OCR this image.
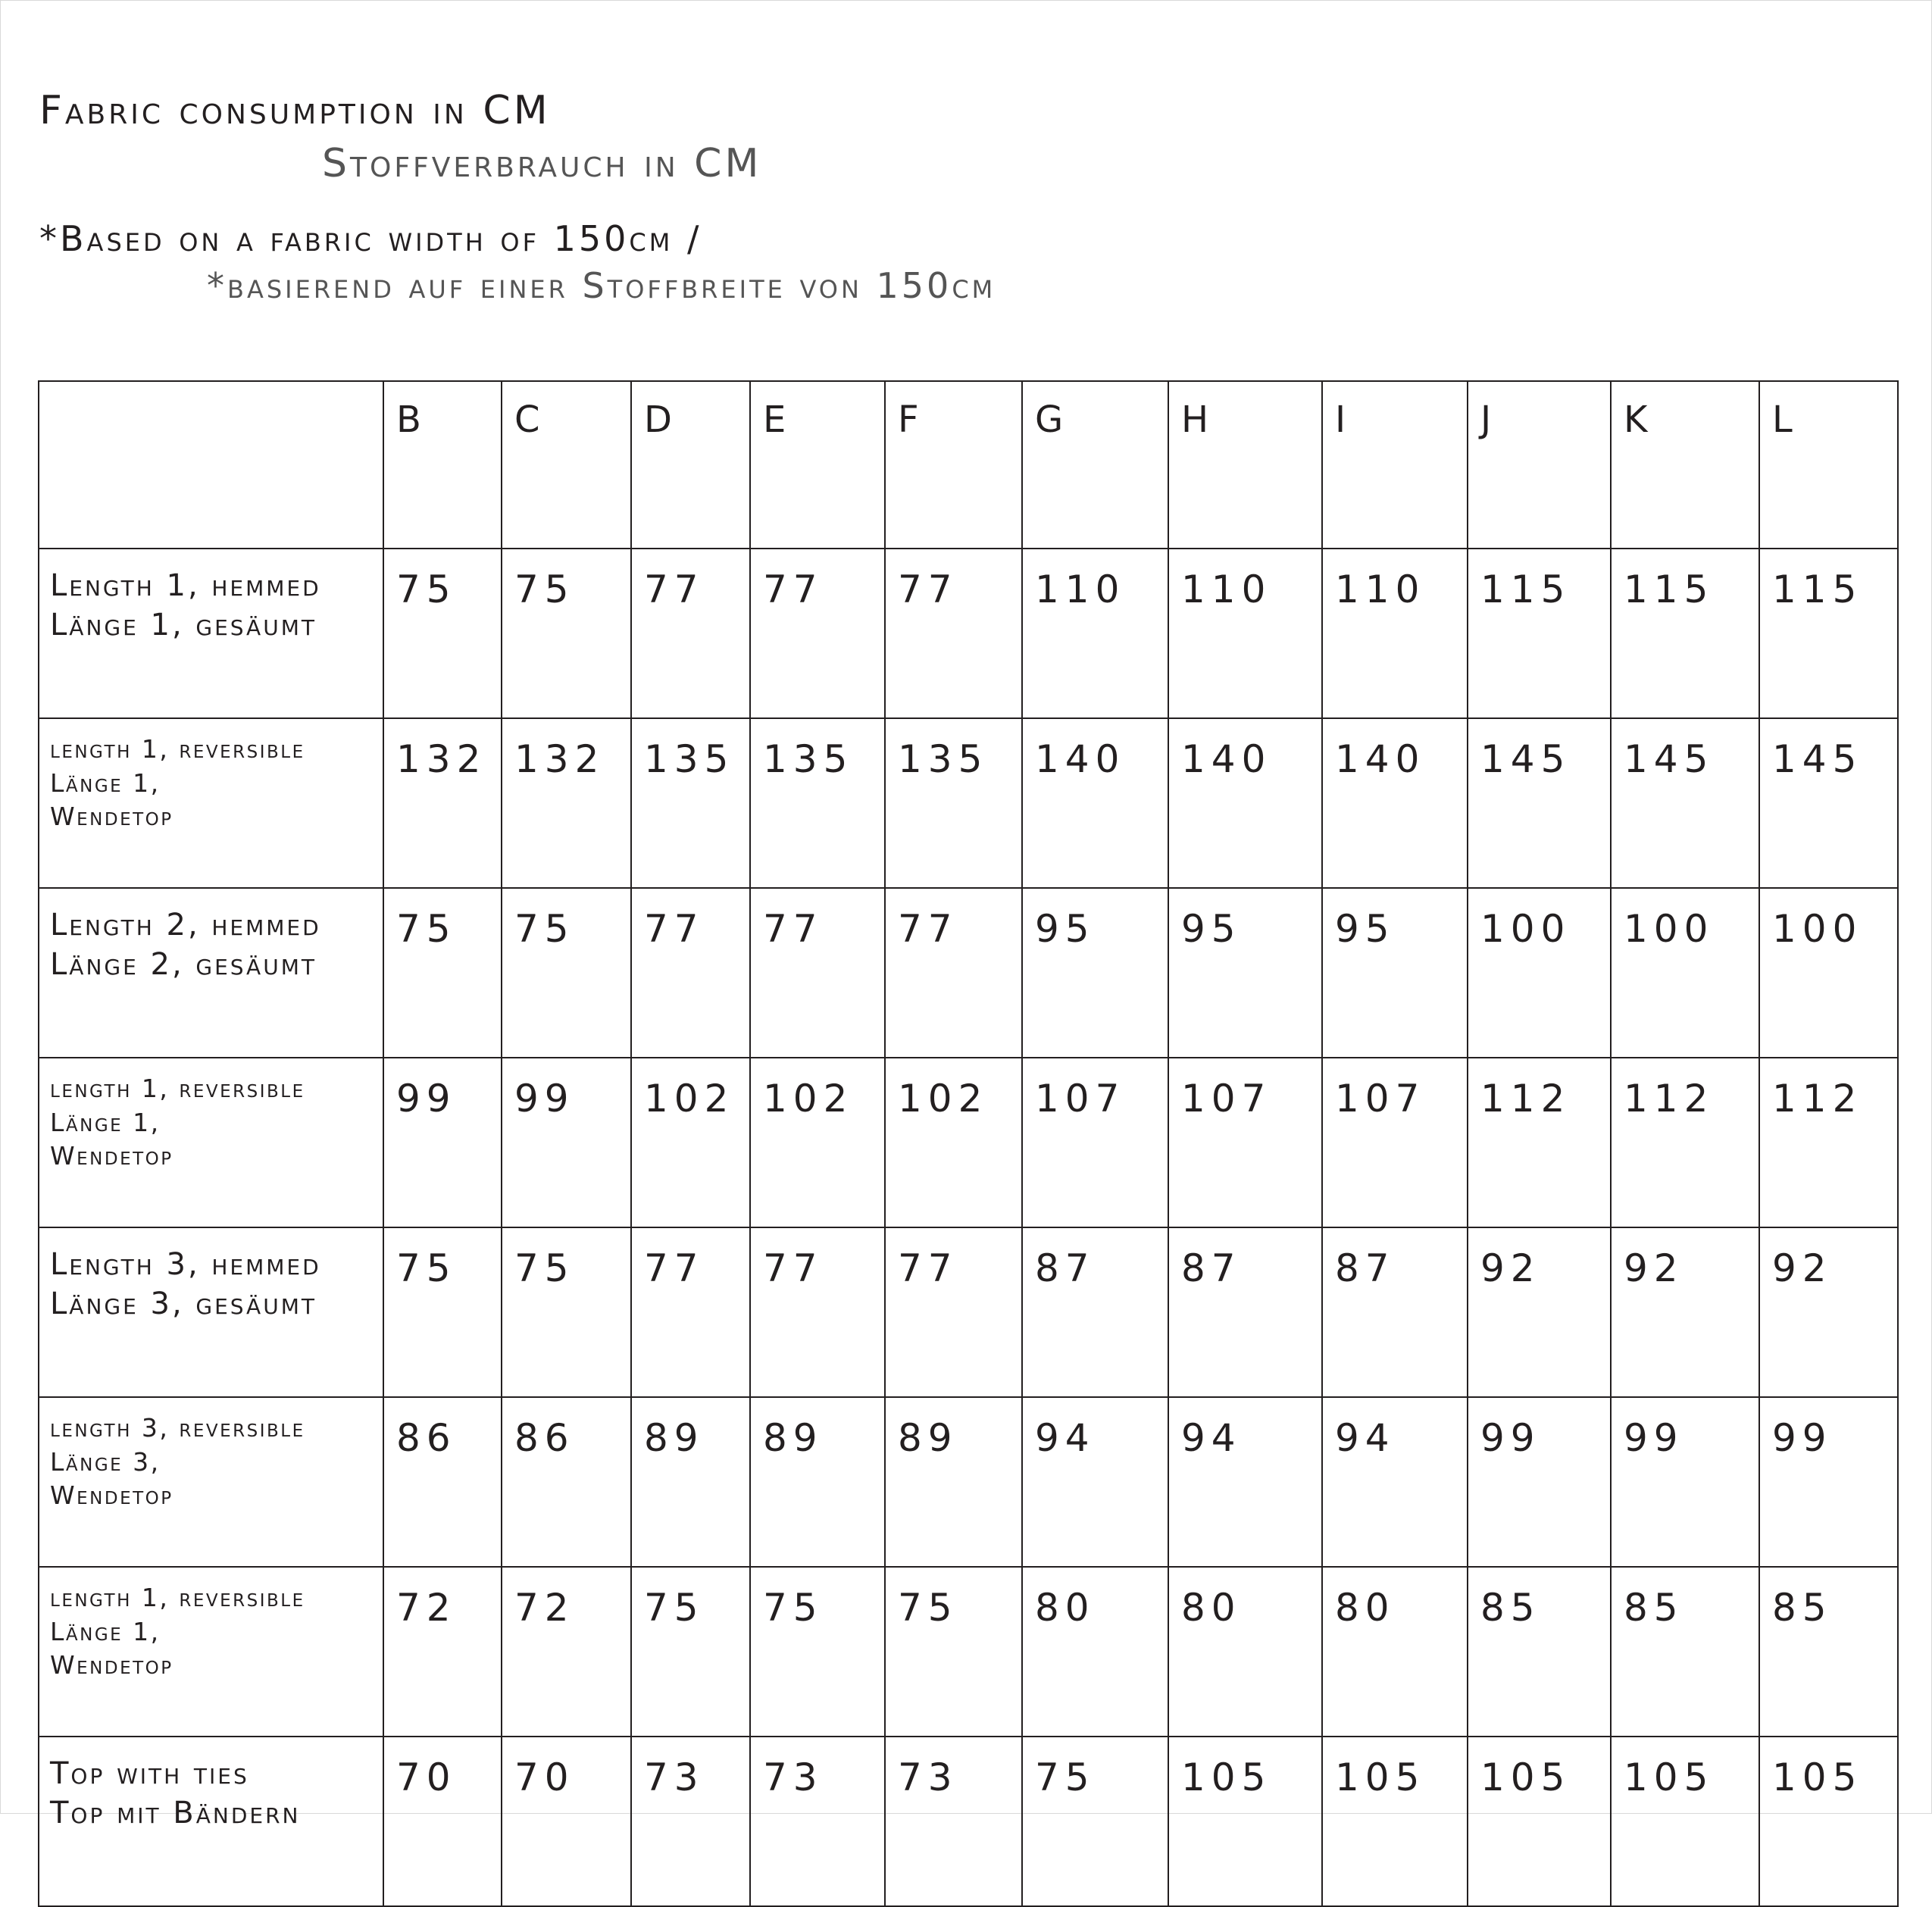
Fabric consumption in CM
Stoffverbrauch in CM
*Based on a fabric width of 150cm /
*basierend auf einer Stoffbreite von 150cm
	B	C	D	E	F	G	H	I	J	K	L

Length 1, hemmed
Länge 1, gesäumt	75	75	77	77	77	110	110	110	115	115	115

length 1, reversible
Länge 1,
Wendetop	132	132	135	135	135	140	140	140	145	145	145

Length 2, hemmed
Länge 2, gesäumt	75	75	77	77	77	95	95	95	100	100	100

length 1, reversible
Länge 1,
Wendetop	99	99	102	102	102	107	107	107	112	112	112

Length 3, hemmed
Länge 3, gesäumt	75	75	77	77	77	87	87	87	92	92	92

length 3, reversible
Länge 3,
Wendetop	86	86	89	89	89	94	94	94	99	99	99

length 1, reversible
Länge 1,
Wendetop	72	72	75	75	75	80	80	80	85	85	85

Top with ties
Top mit Bändern	70	70	73	73	73	75	105	105	105	105	105
